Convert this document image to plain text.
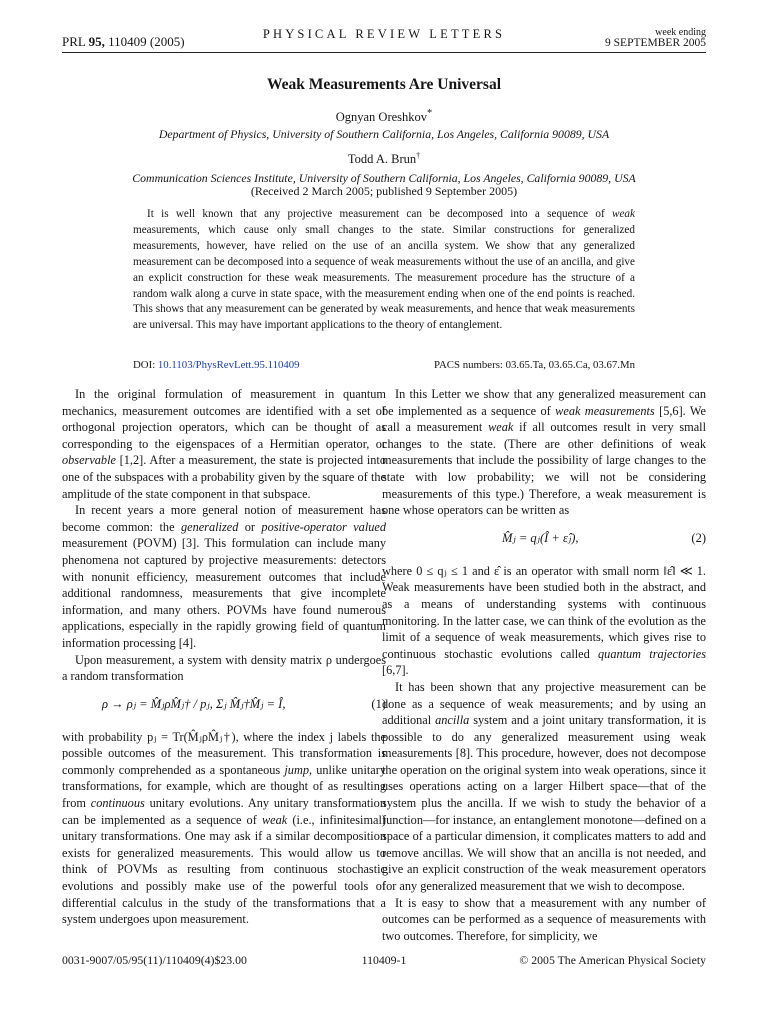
PRL 95, 110409 (2005)	PHYSICAL REVIEW LETTERS	week ending
9 SEPTEMBER 2005
Weak Measurements Are Universal
Ognyan Oreshkov*
Department of Physics, University of Southern California, Los Angeles, California 90089, USA
Todd A. Brun†
Communication Sciences Institute, University of Southern California, Los Angeles, California 90089, USA
(Received 2 March 2005; published 9 September 2005)
It is well known that any projective measurement can be decomposed into a sequence of weak measurements, which cause only small changes to the state. Similar constructions for generalized measurements, however, have relied on the use of an ancilla system. We show that any generalized measurement can be decomposed into a sequence of weak measurements without the use of an ancilla, and give an explicit construction for these weak measurements. The measurement procedure has the structure of a random walk along a curve in state space, with the measurement ending when one of the end points is reached. This shows that any measurement can be generated by weak measurements, and hence that weak measurements are universal. This may have important applications to the theory of entanglement.
DOI: 10.1103/PhysRevLett.95.110409	PACS numbers: 03.65.Ta, 03.65.Ca, 03.67.Mn

In the original formulation of measurement in quantum mechanics, measurement outcomes are identified with a set of orthogonal projection operators, which can be thought of as corresponding to the eigenspaces of a Hermitian operator, or observable [1,2]. After a measurement, the state is projected into one of the subspaces with a probability given by the square of the amplitude of the state component in that subspace.

In recent years a more general notion of measurement has become common: the generalized or positive-operator valued measurement (POVM) [3]. This formulation can include many phenomena not captured by projective measurements: detectors with nonunit efficiency, measurement outcomes that include additional randomness, measurements that give incomplete information, and many others. POVMs have found numerous applications, especially in the rapidly growing field of quantum information processing [4].

Upon measurement, a system with density matrix ρ undergoes a random transformation

ρ → ρⱼ = M̂ⱼρM̂ⱼ† / pⱼ, Σⱼ M̂ⱼ†M̂ⱼ = Î,	(1)

with probability pⱼ = Tr(M̂ⱼρM̂ⱼ†), where the index j labels the possible outcomes of the measurement. This transformation is commonly comprehended as a spontaneous jump, unlike unitary transformations, for example, which are thought of as resulting from continuous unitary evolutions. Any unitary transformation can be implemented as a sequence of weak (i.e., infinitesimal) unitary transformations. One may ask if a similar decomposition exists for generalized measurements. This would allow us to think of POVMs as resulting from continuous stochastic evolutions and possibly make use of the powerful tools of differential calculus in the study of the transformations that a system undergoes upon measurement.

In this Letter we show that any generalized measurement can be implemented as a sequence of weak measurements [5,6]. We call a measurement weak if all outcomes result in very small changes to the state. (There are other definitions of weak measurements that include the possibility of large changes to the state with low probability; we will not be considering measurements of this type.) Therefore, a weak measurement is one whose operators can be written as

M̂ⱼ = qⱼ(Î + ε̂ⱼ),	(2)

where 0 ≤ qⱼ ≤ 1 and ε̂ is an operator with small norm ‖ε̂‖ ≪ 1. Weak measurements have been studied both in the abstract, and as a means of understanding systems with continuous monitoring. In the latter case, we can think of the evolution as the limit of a sequence of weak measurements, which gives rise to continuous stochastic evolutions called quantum trajectories [6,7].

It has been shown that any projective measurement can be done as a sequence of weak measurements; and by using an additional ancilla system and a joint unitary transformation, it is possible to do any generalized measurement using weak measurements [8]. This procedure, however, does not decompose the operation on the original system into weak operations, since it uses operations acting on a larger Hilbert space—that of the system plus the ancilla. If we wish to study the behavior of a function—for instance, an entanglement monotone—defined on a space of a particular dimension, it complicates matters to add and remove ancillas. We will show that an ancilla is not needed, and give an explicit construction of the weak measurement operators for any generalized measurement that we wish to decompose.

It is easy to show that a measurement with any number of outcomes can be performed as a sequence of measurements with two outcomes. Therefore, for simplicity, we

0031-9007/05/95(11)/110409(4)$23.00	110409-1	© 2005 The American Physical Society
